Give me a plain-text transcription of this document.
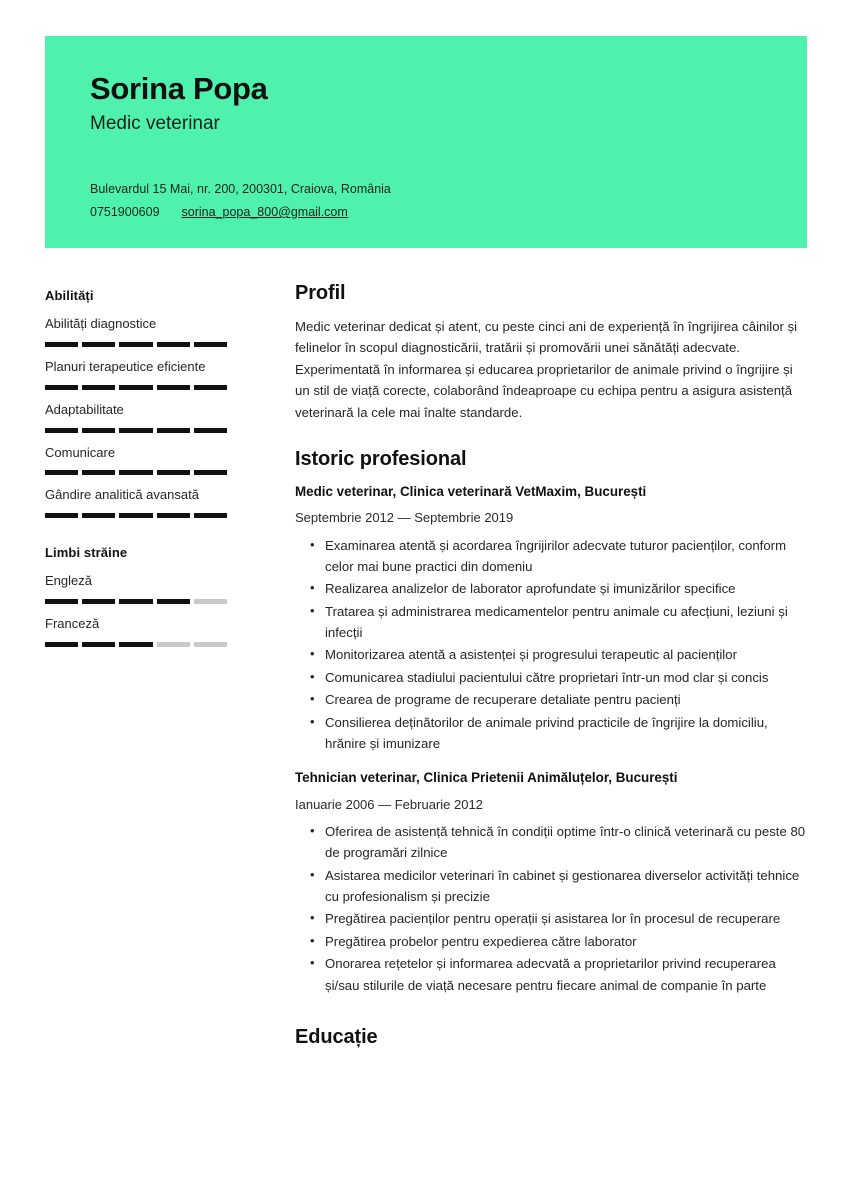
Sorina Popa
Medic veterinar
Bulevardul 15 Mai, nr. 200, 200301, Craiova, România
0751900609 sorina_popa_800@gmail.com
Abilități
Abilități diagnostice
Planuri terapeutice eficiente
Adaptabilitate
Comunicare
Gândire analitică avansată
Limbi străine
Engleză
Franceză
Profil

Medic veterinar dedicat și atent, cu peste cinci ani de experiență în îngrijirea câinilor și felinelor în scopul diagnosticării, tratării și promovării unei sănătăți adecvate. Experimentată în informarea și educarea proprietarilor de animale privind o îngrijire și un stil de viață corecte, colaborând îndeaproape cu echipa pentru a asigura asistență veterinară la cele mai înalte standarde.

Istoric profesional
Medic veterinar, Clinica veterinară VetMaxim, București
Septembrie 2012 — Septembrie 2019
• Examinarea atentă și acordarea îngrijirilor adecvate tuturor pacienților, conform celor mai bune practici din domeniu
• Realizarea analizelor de laborator aprofundate și imunizărilor specifice
• Tratarea și administrarea medicamentelor pentru animale cu afecțiuni, leziuni și infecții
• Monitorizarea atentă a asistenței și progresului terapeutic al pacienților
• Comunicarea stadiului pacientului către proprietari într-un mod clar și concis
• Crearea de programe de recuperare detaliate pentru pacienți
• Consilierea deținătorilor de animale privind practicile de îngrijire la domiciliu, hrănire și imunizare
Tehnician veterinar, Clinica Prietenii Animăluțelor, București
Ianuarie 2006 — Februarie 2012
• Oferirea de asistență tehnică în condiții optime într-o clinică veterinară cu peste 80 de programări zilnice
• Asistarea medicilor veterinari în cabinet și gestionarea diverselor activități tehnice cu profesionalism și precizie
• Pregătirea pacienților pentru operații și asistarea lor în procesul de recuperare
• Pregătirea probelor pentru expedierea către laborator
• Onorarea rețetelor și informarea adecvată a proprietarilor privind recuperarea și/sau stilurile de viață necesare pentru fiecare animal de companie în parte
Educație
